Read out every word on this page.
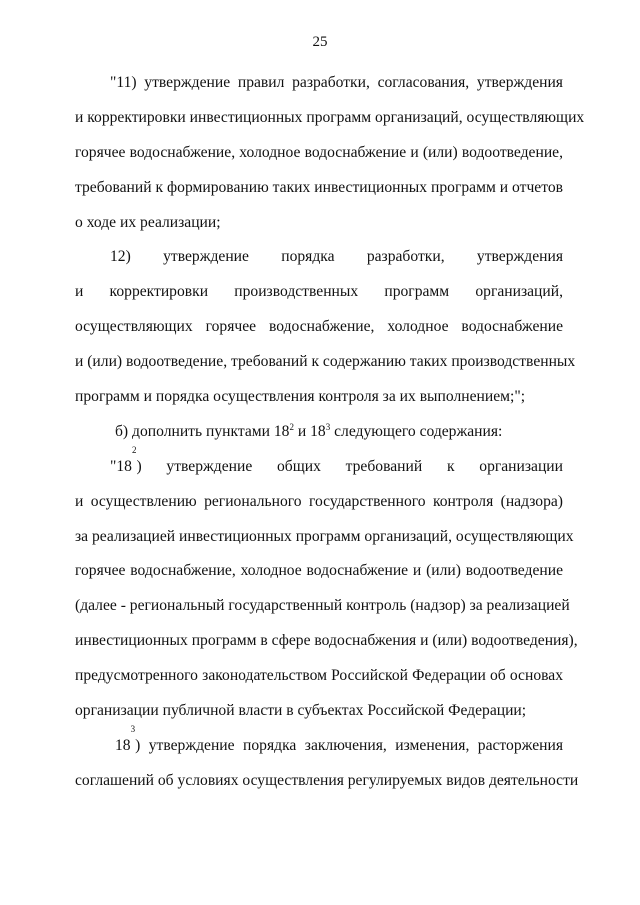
25
"11) утверждение правил разработки, согласования, утверждения
и корректировки инвестиционных программ организаций, осуществляющих
горячее водоснабжение, холодное водоснабжение и (или) водоотведение,
требований к формированию таких инвестиционных программ и отчетов
о ходе их реализации;
12) утверждение порядка разработки, утверждения
и корректировки производственных программ организаций,
осуществляющих горячее водоснабжение, холодное водоснабжение
и (или) водоотведение, требований к содержанию таких производственных
программ и порядка осуществления контроля за их выполнением;";
б) дополнить пунктами $18^2$ и $18^3$ следующего содержания:
"18
2
) утверждение общих требований к организации
и осуществлению регионального государственного контроля (надзора)
за реализацией инвестиционных программ организаций, осуществляющих
горячее водоснабжение, холодное водоснабжение и (или) водоотведение
(далее - региональный государственный контроль (надзор) за реализацией
инвестиционных программ в сфере водоснабжения и (или) водоотведения),
предусмотренного законодательством Российской Федерации об основах
организации публичной власти в субъектах Российской Федерации;
18
3
) утверждение порядка заключения, изменения, расторжения
соглашений об условиях осуществления регулируемых видов деятельности
